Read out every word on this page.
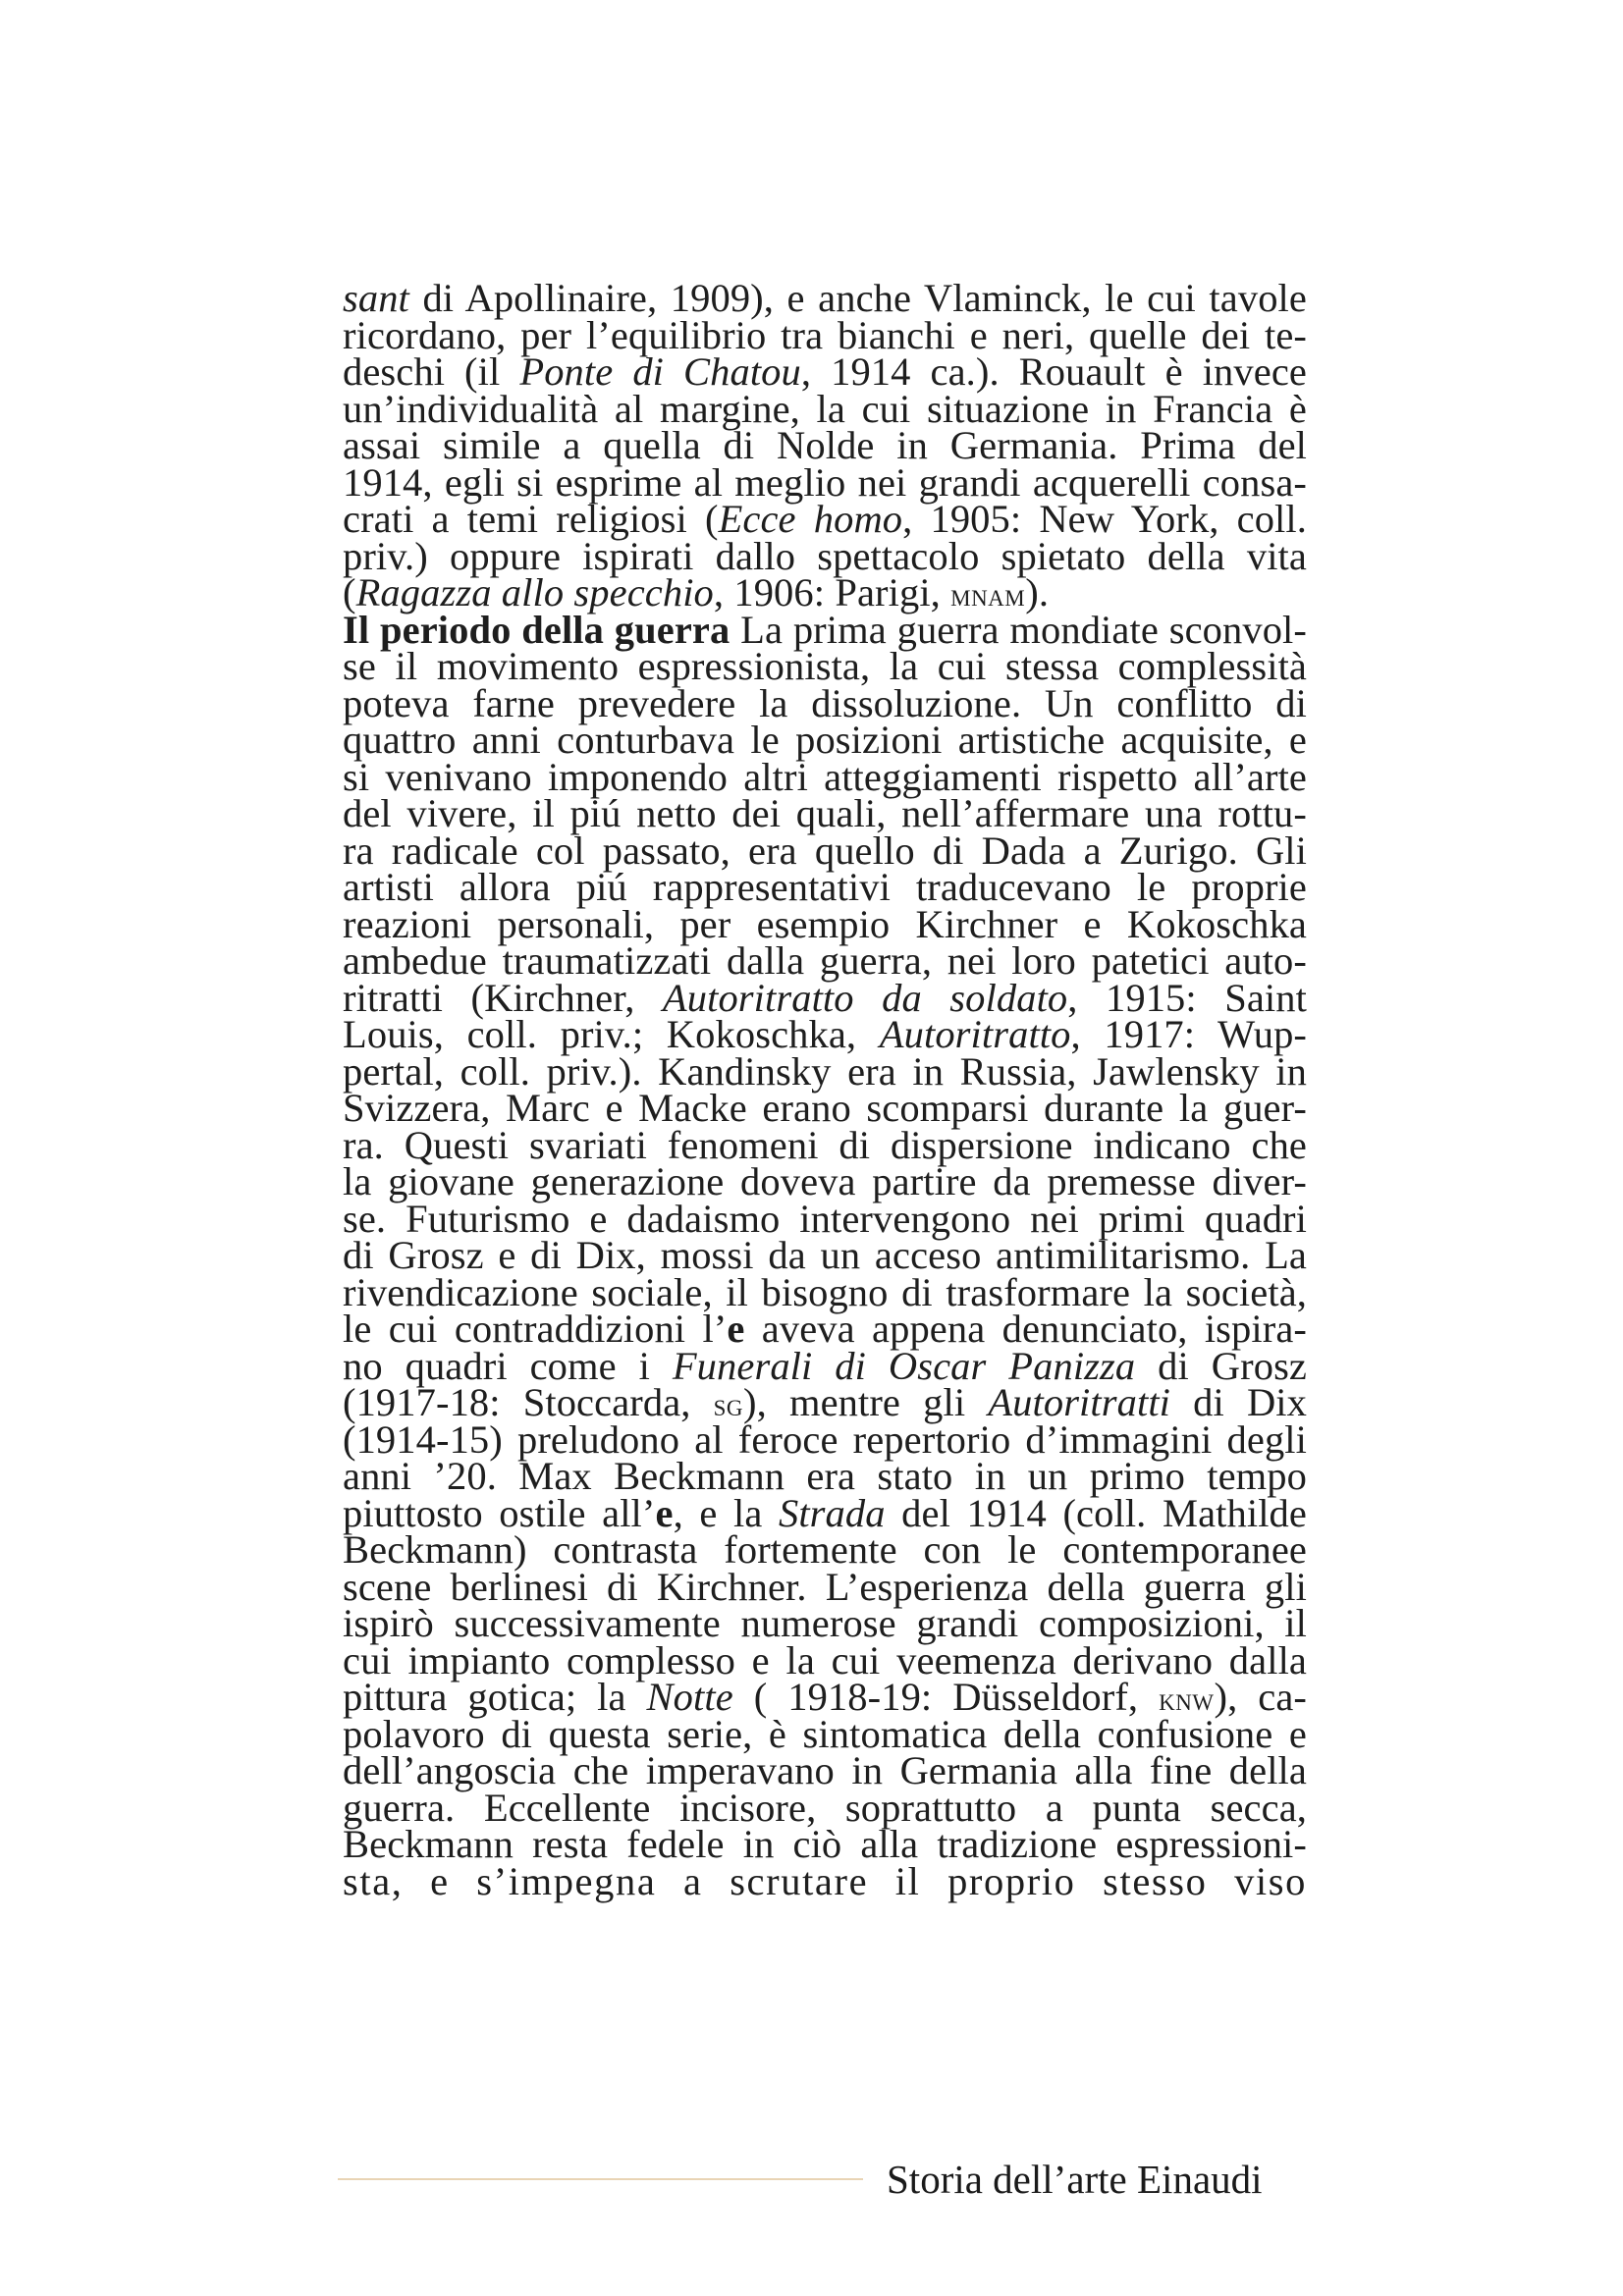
sant di Apollinaire, 1909), e anche Vlaminck, le cui tavole
ricordano, per l’equilibrio tra bianchi e neri, quelle dei te-
deschi (il Ponte di Chatou, 1914 ca.). Rouault è invece
un’individualità al margine, la cui situazione in Francia è
assai simile a quella di Nolde in Germania. Prima del
1914, egli si esprime al meglio nei grandi acquerelli consa-
crati a temi religiosi (Ecce homo, 1905: New York, coll.
priv.) oppure ispirati dallo spettacolo spietato della vita
(Ragazza allo specchio, 1906: Parigi, mnam).
Il periodo della guerra La prima guerra mondiate sconvol-
se il movimento espressionista, la cui stessa complessità
poteva farne prevedere la dissoluzione. Un conflitto di
quattro anni conturbava le posizioni artistiche acquisite, e
si venivano imponendo altri atteggiamenti rispetto all’arte
del vivere, il piú netto dei quali, nell’affermare una rottu-
ra radicale col passato, era quello di Dada a Zurigo. Gli
artisti allora piú rappresentativi traducevano le proprie
reazioni personali, per esempio Kirchner e Kokoschka
ambedue traumatizzati dalla guerra, nei loro patetici auto-
ritratti (Kirchner, Autoritratto da soldato, 1915: Saint
Louis, coll. priv.; Kokoschka, Autoritratto, 1917: Wup-
pertal, coll. priv.). Kandinsky era in Russia, Jawlensky in
Svizzera, Marc e Macke erano scomparsi durante la guer-
ra. Questi svariati fenomeni di dispersione indicano che
la giovane generazione doveva partire da premesse diver-
se. Futurismo e dadaismo intervengono nei primi quadri
di Grosz e di Dix, mossi da un acceso antimilitarismo. La
rivendicazione sociale, il bisogno di trasformare la società,
le cui contraddizioni l’e aveva appena denunciato, ispira-
no quadri come i Funerali di Oscar Panizza di Grosz
(1917-18: Stoccarda, sg), mentre gli Autoritratti di Dix
(1914-15) preludono al feroce repertorio d’immagini degli
anni ’20. Max Beckmann era stato in un primo tempo
piuttosto ostile all’e, e la Strada del 1914 (coll. Mathilde
Beckmann) contrasta fortemente con le contemporanee
scene berlinesi di Kirchner. L’esperienza della guerra gli
ispirò successivamente numerose grandi composizioni, il
cui impianto complesso e la cui veemenza derivano dalla
pittura gotica; la Notte ( 1918-19: Düsseldorf, knw), ca-
polavoro di questa serie, è sintomatica della confusione e
dell’angoscia che imperavano in Germania alla fine della
guerra. Eccellente incisore, soprattutto a punta secca,
Beckmann resta fedele in ciò alla tradizione espressioni-
sta, e s’impegna a scrutare il proprio stesso viso
Storia dell’arte Einaudi
